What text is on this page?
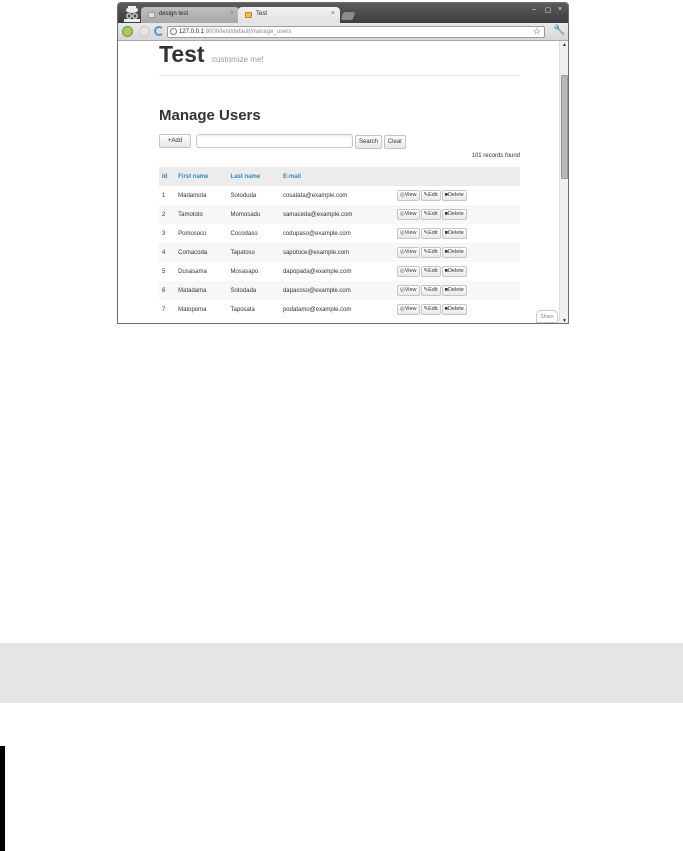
design test	×	Test	×
– ▢ ×
127.0.0.1:8000/test/default/manage_users	☆ 🔧
Test customize me!
Manage Users
+Add	Search	Clear
101 records found
Id	First name	Last name	E-mail	
1	Madamota	Sotoduda	cosatata@example.com	◎View ✎Edit ■Delete
2	Tamototo	Momosadu	samaceda@example.com	◎View ✎Edit ■Delete
3	Pomosoco	Cocodaso	codupaso@example.com	◎View ✎Edit ■Delete
4	Comacoda	Tapatoso	sapotoce@example.com	◎View ✎Edit ■Delete
5	Dusasama	Mosasapo	dapopada@example.com	◎View ✎Edit ■Delete
6	Matadama	Sotodada	dapacoso@example.com	◎View ✎Edit ■Delete
7	Matopoma	Taposata	podatamo@example.com	◎View ✎Edit ■Delete
Share
▲
▼
